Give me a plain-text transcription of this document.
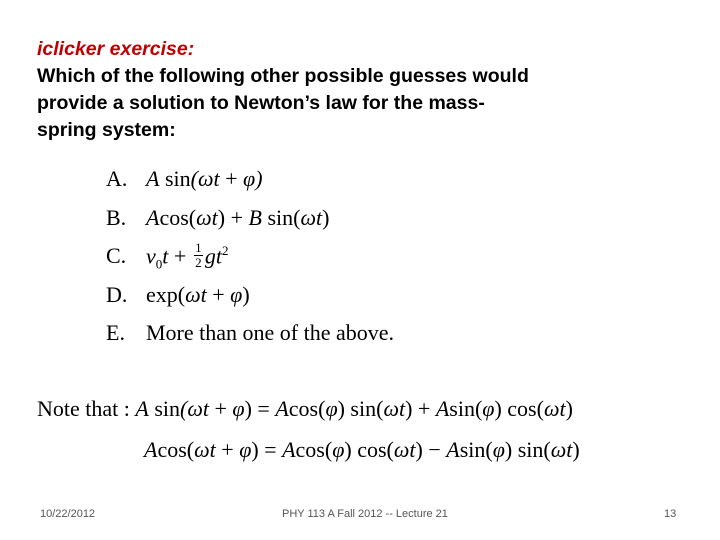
iclicker exercise:
Which of the following other possible guesses would
provide a solution to Newton’s law for the mass-
spring system:
A. A sin(ωt + φ)
B. Acos(ωt) + B sin(ωt)
C. $v_0t + \frac{1}{2} gt^2$
D. exp(ωt + φ)
E. More than one of the above.
Note that : A sin(ωt + φ) = Acos(φ) sin(ωt) + Asin(φ) cos(ωt)
Acos(ωt + φ) = Acos(φ) cos(ωt) − Asin(φ) sin(ωt)
10/22/2012	PHY 113 A Fall 2012 -- Lecture 21	13
